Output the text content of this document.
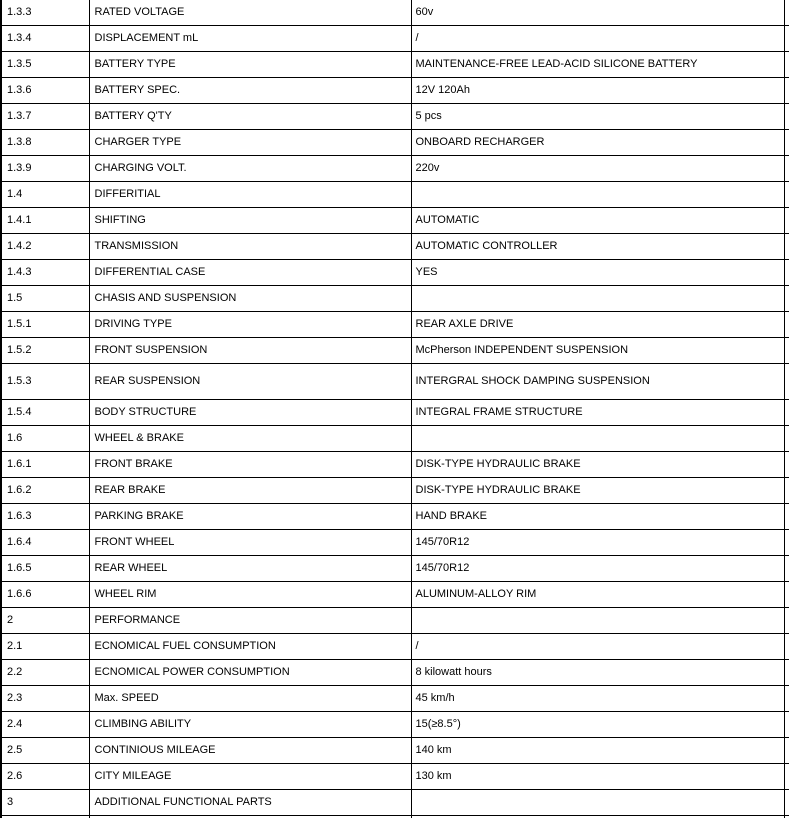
1.3.3	RATED VOLTAGE	60v	
1.3.4	DISPLACEMENT mL	/	
1.3.5	BATTERY TYPE	MAINTENANCE-FREE LEAD-ACID SILICONE BATTERY	
1.3.6	BATTERY SPEC.	12V 120Ah	
1.3.7	BATTERY Q'TY	5 pcs	
1.3.8	CHARGER TYPE	ONBOARD RECHARGER	
1.3.9	CHARGING VOLT.	220v	
1.4	DIFFERITIAL		
1.4.1	SHIFTING	AUTOMATIC	
1.4.2	TRANSMISSION	AUTOMATIC CONTROLLER	
1.4.3	DIFFERENTIAL CASE	YES	
1.5	CHASIS AND SUSPENSION		
1.5.1	DRIVING TYPE	REAR AXLE DRIVE	
1.5.2	FRONT SUSPENSION	McPherson INDEPENDENT SUSPENSION	
1.5.3	REAR SUSPENSION	INTERGRAL SHOCK DAMPING SUSPENSION	
1.5.4	BODY STRUCTURE	INTEGRAL FRAME STRUCTURE	
1.6	WHEEL & BRAKE		
1.6.1	FRONT BRAKE	DISK-TYPE HYDRAULIC BRAKE	
1.6.2	REAR BRAKE	DISK-TYPE HYDRAULIC BRAKE	
1.6.3	PARKING BRAKE	HAND BRAKE	
1.6.4	FRONT WHEEL	145/70R12	
1.6.5	REAR WHEEL	145/70R12	
1.6.6	WHEEL RIM	ALUMINUM-ALLOY RIM	
2	PERFORMANCE		
2.1	ECNOMICAL FUEL CONSUMPTION	/	
2.2	ECNOMICAL POWER CONSUMPTION	8 kilowatt hours	
2.3	Max. SPEED	45 km/h	
2.4	CLIMBING ABILITY	15(≥8.5°)	
2.5	CONTINIOUS MILEAGE	140 km	
2.6	CITY MILEAGE	130 km	
3	ADDITIONAL FUNCTIONAL PARTS		
